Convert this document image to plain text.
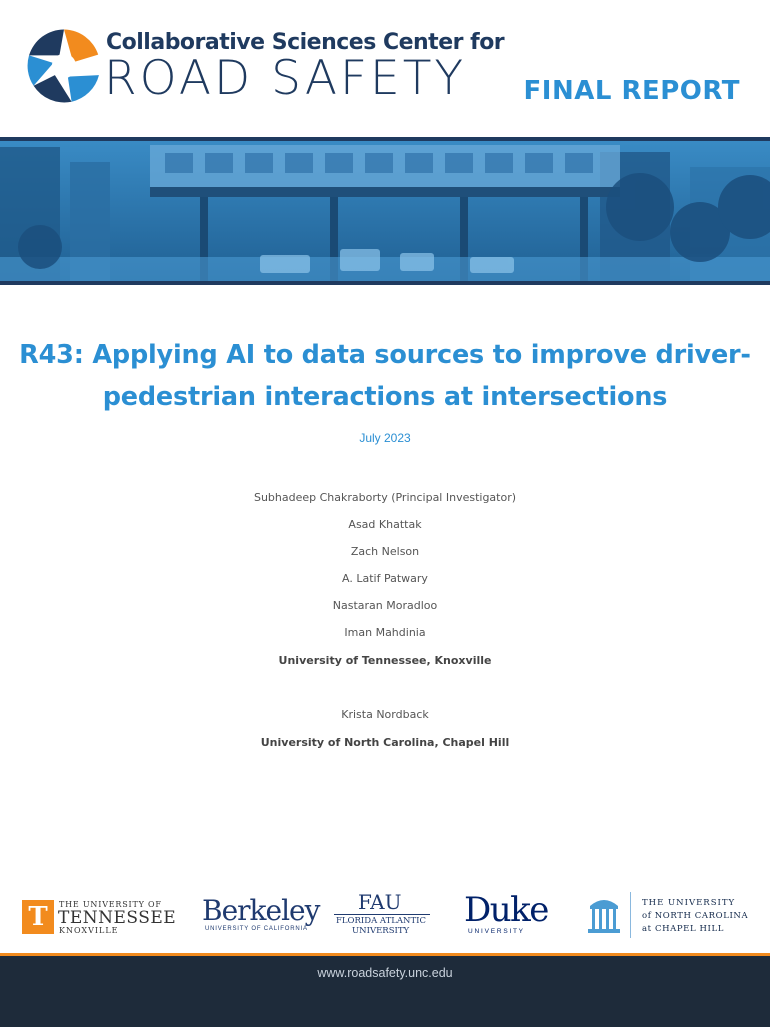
Collaborative Sciences Center for
ROAD SAFETY FINAL REPORT
R43: Applying AI to data sources to improve driver-
pedestrian interactions at intersections
July 2023
Subhadeep Chakraborty (Principal Investigator)
Asad Khattak
Zach Nelson
A. Latif Patwary
Nastaran Moradloo
Iman Mahdinia
University of Tennessee, Knoxville
Krista Nordback
University of North Carolina, Chapel Hill
T	THE UNIVERSITY OF
TENNESSEE
KNOXVILLE
Berkeley
UNIVERSITY OF CALIFORNIA
FAU
FLORIDA ATLANTIC
UNIVERSITY
Duke
U N I V E R S I T Y
THE UNIVERSITY
of NORTH CAROLINA
at CHAPEL HILL
www.roadsafety.unc.edu
